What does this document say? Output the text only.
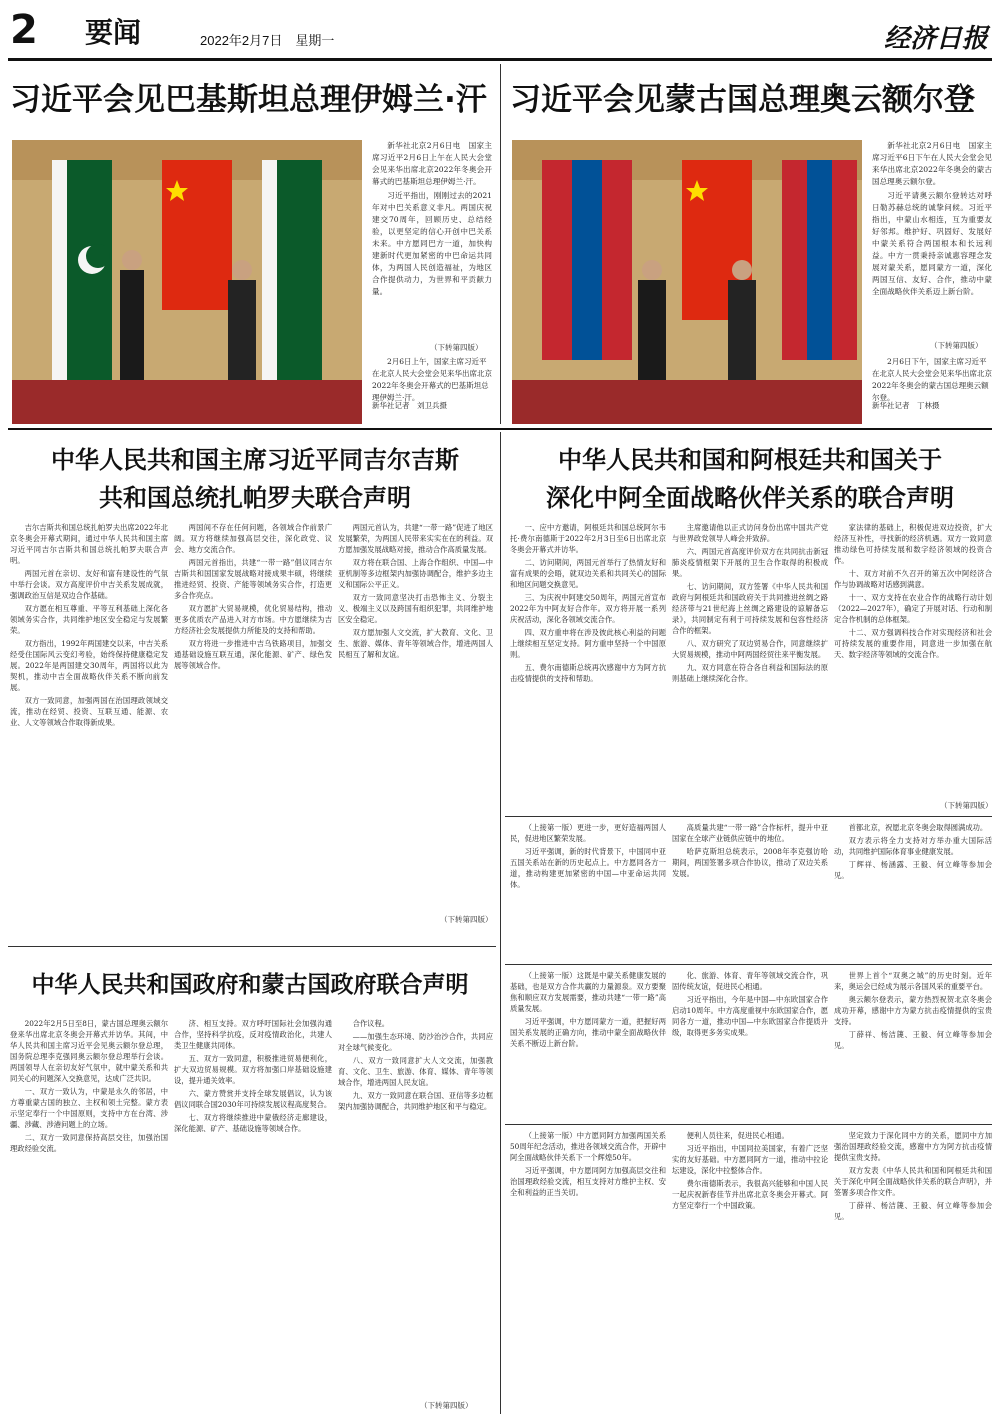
2 要闻	2022年2月7日　星期一	经济日报
习近平会见巴基斯坦总理伊姆兰·汗

新华社北京2月6日电　国家主席习近平2月6日上午在人民大会堂会见来华出席北京2022年冬奥会开幕式的巴基斯坦总理伊姆兰·汗。

习近平指出，刚刚过去的2021年对中巴关系意义非凡。两国庆祝建交70周年，回顾历史、总结经验，以更坚定的信心开创中巴关系未来。中方愿同巴方一道，加快构建新时代更加紧密的中巴命运共同体，为两国人民创造福祉，为地区合作提供动力，为世界和平贡献力量。

（下转第四版）

2月6日上午，国家主席习近平在北京人民大会堂会见来华出席北京2022年冬奥会开幕式的巴基斯坦总理伊姆兰·汗。

新华社记者　刘卫兵摄
习近平会见蒙古国总理奥云额尔登

新华社北京2月6日电　国家主席习近平6日下午在人民大会堂会见来华出席北京2022年冬奥会的蒙古国总理奥云额尔登。

习近平请奥云额尔登转达对呼日勒苏赫总统的诚挚问候。习近平指出，中蒙山水相连，互为重要友好邻邦。维护好、巩固好、发展好中蒙关系符合两国根本和长远利益。中方一贯秉持亲诚惠容理念发展对蒙关系，愿同蒙方一道，深化两国互信、友好、合作，推动中蒙全面战略伙伴关系迈上新台阶。

（下转第四版）

2月6日下午，国家主席习近平在北京人民大会堂会见来华出席北京2022年冬奥会的蒙古国总理奥云额尔登。

新华社记者　丁林摄
中华人民共和国主席习近平同吉尔吉斯
共和国总统扎帕罗夫联合声明

吉尔吉斯共和国总统扎帕罗夫出席2022年北京冬奥会开幕式期间，通过中华人民共和国主席习近平同吉尔吉斯共和国总统扎帕罗夫联合声明。

两国元首在亲切、友好和富有建设性的气氛中举行会谈。双方高度评价中吉关系发展成就，强调政治互信是双边合作基础。

双方愿在相互尊重、平等互利基础上深化各领域务实合作，共同维护地区安全稳定与发展繁荣。

双方指出，1992年两国建交以来，中吉关系经受住国际风云变幻考验，始终保持健康稳定发展。2022年是两国建交30周年，两国将以此为契机，推动中吉全面战略伙伴关系不断向前发展。

双方一致同意，加强两国在治国理政领域交流，推动在经贸、投资、互联互通、能源、农业、人文等领域合作取得新成果。

两国间不存在任何问题，各领域合作前景广阔。双方将继续加强高层交往，深化政党、议会、地方交流合作。

两国元首指出，共建“一带一路”倡议同吉尔吉斯共和国国家发展战略对接成果丰硕，将继续推进经贸、投资、产能等领域务实合作，打造更多合作亮点。

双方愿扩大贸易规模，优化贸易结构，推动更多优质农产品进入对方市场。中方愿继续为吉方经济社会发展提供力所能及的支持和帮助。

双方将进一步推进中吉乌铁路项目，加强交通基础设施互联互通，深化能源、矿产、绿色发展等领域合作。

两国元首认为，共建“一带一路”促进了地区发展繁荣，为两国人民带来实实在在的利益。双方愿加强发展战略对接，推动合作高质量发展。

双方将在联合国、上海合作组织、中国—中亚机制等多边框架内加强协调配合，维护多边主义和国际公平正义。

双方一致同意坚决打击恐怖主义、分裂主义、极端主义以及跨国有组织犯罪，共同维护地区安全稳定。

双方愿加强人文交流，扩大教育、文化、卫生、旅游、媒体、青年等领域合作，增进两国人民相互了解和友谊。

（下转第四版）
中华人民共和国和阿根廷共和国关于
深化中阿全面战略伙伴关系的联合声明

一、应中方邀请，阿根廷共和国总统阿尔韦托·费尔南德斯于2022年2月3日至6日出席北京冬奥会开幕式并访华。

二、访问期间，两国元首举行了热情友好和富有成果的会晤，就双边关系和共同关心的国际和地区问题交换意见。

三、为庆祝中阿建交50周年，两国元首宣布2022年为中阿友好合作年。双方将开展一系列庆祝活动，深化各领域交流合作。

四、双方重申将在涉及彼此核心利益的问题上继续相互坚定支持。阿方重申坚持一个中国原则。

五、费尔南德斯总统再次感谢中方为阿方抗击疫情提供的支持和帮助。

主席邀请他以正式访问身份出席中国共产党与世界政党领导人峰会并致辞。

六、两国元首高度评价双方在共同抗击新冠肺炎疫情框架下开展的卫生合作取得的积极成果。

七、访问期间，双方签署《中华人民共和国政府与阿根廷共和国政府关于共同推进丝绸之路经济带与21世纪海上丝绸之路建设的谅解备忘录》，共同制定有利于可持续发展和包容性经济合作的框架。

八、双方研究了双边贸易合作，同意继续扩大贸易规模，推动中阿两国经贸往来平衡发展。

九、双方同意在符合各自利益和国际法的原则基础上继续深化合作。

家法律的基础上，积极促进双边投资，扩大经济互补性，寻找新的经济机遇。双方一致同意推动绿色可持续发展和数字经济领域的投资合作。

十、双方对前不久召开的第五次中阿经济合作与协调战略对话感到满意。

十一、双方支持在农业合作的战略行动计划（2022—2027年），确定了开展对话、行动和制定合作机制的总体框架。

十二、双方强调科技合作对实现经济和社会可持续发展的重要作用，同意进一步加强在航天、数字经济等领域的交流合作。

（下转第四版）

（上接第一版）更进一步，更好造福两国人民，促进地区繁荣发展。

习近平强调，新的时代背景下，中国同中亚五国关系站在新的历史起点上。中方愿同各方一道，推动构建更加紧密的中国—中亚命运共同体。

高质量共建“一带一路”合作标杆，提升中亚国家在全球产业链供应链中的地位。

哈萨克斯坦总统表示，2008年李克强访哈期间，两国签署多项合作协议，推动了双边关系发展。

首都北京，祝愿北京冬奥会取得圆满成功。

双方表示将全力支持对方举办重大国际活动，共同维护国际体育事业健康发展。

丁辉祥、杨涵露、王毅、何立峰等参加会见。

中华人民共和国政府和蒙古国政府联合声明

2022年2月5日至8日，蒙古国总理奥云额尔登来华出席北京冬奥会开幕式并访华。其间，中华人民共和国主席习近平会见奥云额尔登总理，国务院总理李克强同奥云额尔登总理举行会谈。两国领导人在亲切友好气氛中，就中蒙关系和共同关心的问题深入交换意见，达成广泛共识。

一、双方一致认为，中蒙是永久的邻居，中方尊重蒙古国的独立、主权和领土完整。蒙方表示坚定奉行一个中国原则，支持中方在台湾、涉疆、涉藏、涉港问题上的立场。

二、双方一致同意保持高层交往，加强治国理政经验交流。

济、相互支持。双方呼吁国际社会加强沟通合作，坚持科学抗疫，反对疫情政治化，共建人类卫生健康共同体。

五、双方一致同意，积极推进贸易便利化，扩大双边贸易规模。双方将加强口岸基础设施建设，提升通关效率。

六、蒙方赞赏并支持全球发展倡议，认为该倡议同联合国2030年可持续发展议程高度契合。

七、双方将继续推进中蒙俄经济走廊建设，深化能源、矿产、基础设施等领域合作。

合作议程。

——加强生态环境、防沙治沙合作，共同应对全球气候变化。

八、双方一致同意扩大人文交流，加强教育、文化、卫生、旅游、体育、媒体、青年等领域合作，增进两国人民友谊。

九、双方一致同意在联合国、亚信等多边框架内加强协调配合，共同维护地区和平与稳定。

（下转第四版）

（上接第一版）这既是中蒙关系健康发展的基础，也是双方合作共赢的力量源泉。双方要聚焦和顺应双方发展需要，推动共建“一带一路”高质量发展。

习近平强调，中方愿同蒙方一道，把握好两国关系发展的正确方向，推动中蒙全面战略伙伴关系不断迈上新台阶。

化、旅游、体育、青年等领域交流合作，巩固传统友谊，促进民心相通。

习近平指出，今年是中国—中东欧国家合作启动10周年。中方高度重视中东欧国家合作，愿同各方一道，推动中国—中东欧国家合作提质升级，取得更多务实成果。

世界上首个“双奥之城”的历史时刻。近年来，奥运会已经成为展示各国风采的重要平台。

奥云额尔登表示，蒙方热烈祝贺北京冬奥会成功开幕，感谢中方为蒙方抗击疫情提供的宝贵支持。

丁薛祥、杨洁篪、王毅、何立峰等参加会见。

（上接第一版）中方愿同阿方加强两国关系50周年纪念活动，推进各领域交流合作，开辟中阿全面战略伙伴关系下一个辉煌50年。

习近平强调，中方愿同阿方加强高层交往和治国理政经验交流，相互支持对方维护主权、安全和利益的正当关切。

便利人员往来，促进民心相通。

习近平指出，中国同拉美国家，有着广泛坚实的友好基础。中方愿同阿方一道，推动中拉论坛建设，深化中拉整体合作。

费尔南德斯表示，我很高兴能够和中国人民一起庆祝新春佳节并出席北京冬奥会开幕式。阿方坚定奉行一个中国政策。

坚定致力于深化同中方的关系，愿同中方加强治国理政经验交流，感谢中方为阿方抗击疫情提供宝贵支持。

双方发表《中华人民共和国和阿根廷共和国关于深化中阿全面战略伙伴关系的联合声明》，并签署多项合作文件。

丁薛祥、杨洁篪、王毅、何立峰等参加会见。
